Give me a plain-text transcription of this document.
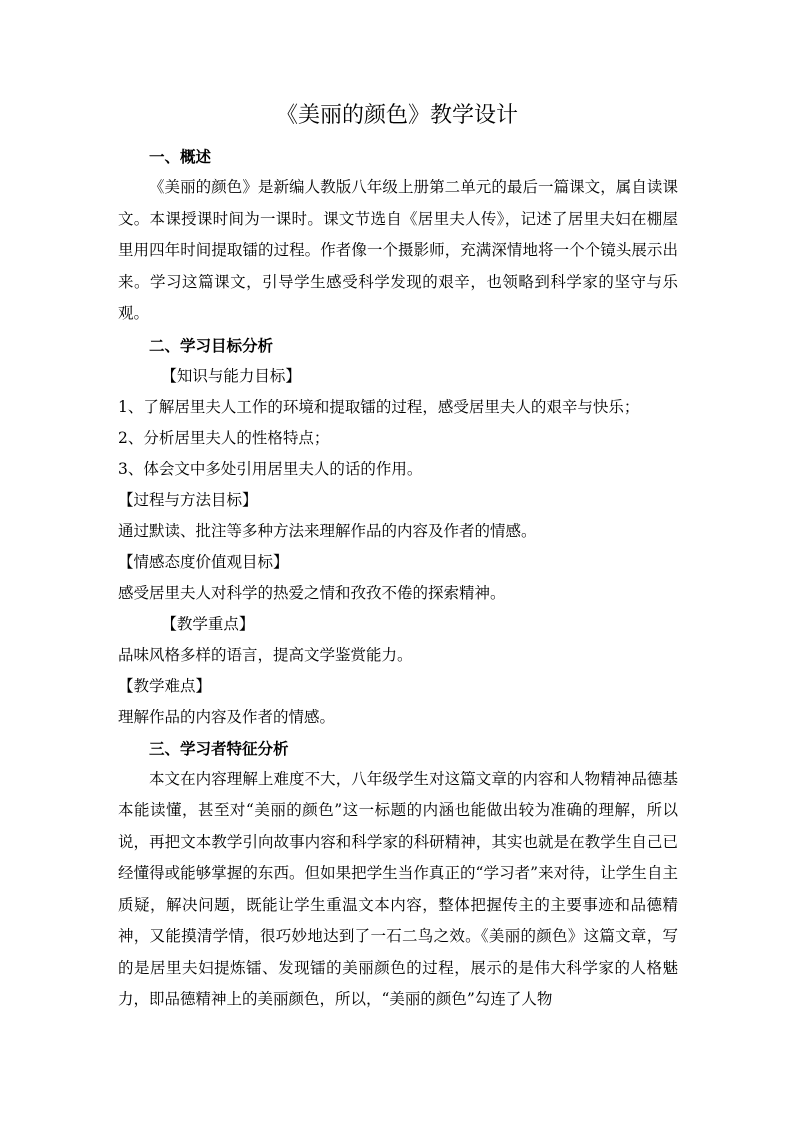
《美丽的颜色》教学设计

一、概述

《美丽的颜色》是新编人教版八年级上册第二单元的最后一篇课文，属自读课文。本课授课时间为一课时。课文节选自《居里夫人传》，记述了居里夫妇在棚屋里用四年时间提取镭的过程。作者像一个摄影师，充满深情地将一个个镜头展示出来。学习这篇课文，引导学生感受科学发现的艰辛，也领略到科学家的坚守与乐观。

二、学习目标分析

【知识与能力目标】

1、了解居里夫人工作的环境和提取镭的过程，感受居里夫人的艰辛与快乐；

2、分析居里夫人的性格特点；

3、体会文中多处引用居里夫人的话的作用。

【过程与方法目标】

通过默读、批注等多种方法来理解作品的内容及作者的情感。

【情感态度价值观目标】

感受居里夫人对科学的热爱之情和孜孜不倦的探索精神。

【教学重点】

品味风格多样的语言，提高文学鉴赏能力。

【教学难点】

理解作品的内容及作者的情感。

三、学习者特征分析

本文在内容理解上难度不大，八年级学生对这篇文章的内容和人物精神品德基本能读懂，甚至对“美丽的颜色”这一标题的内涵也能做出较为准确的理解，所以说，再把文本教学引向故事内容和科学家的科研精神，其实也就是在教学生自己已经懂得或能够掌握的东西。但如果把学生当作真正的“学习者”来对待，让学生自主质疑，解决问题，既能让学生重温文本内容，整体把握传主的主要事迹和品德精神，又能摸清学情，很巧妙地达到了一石二鸟之效。《美丽的颜色》这篇文章，写的是居里夫妇提炼镭、发现镭的美丽颜色的过程，展示的是伟大科学家的人格魅力，即品德精神上的美丽颜色，所以，“美丽的颜色”勾连了人物
